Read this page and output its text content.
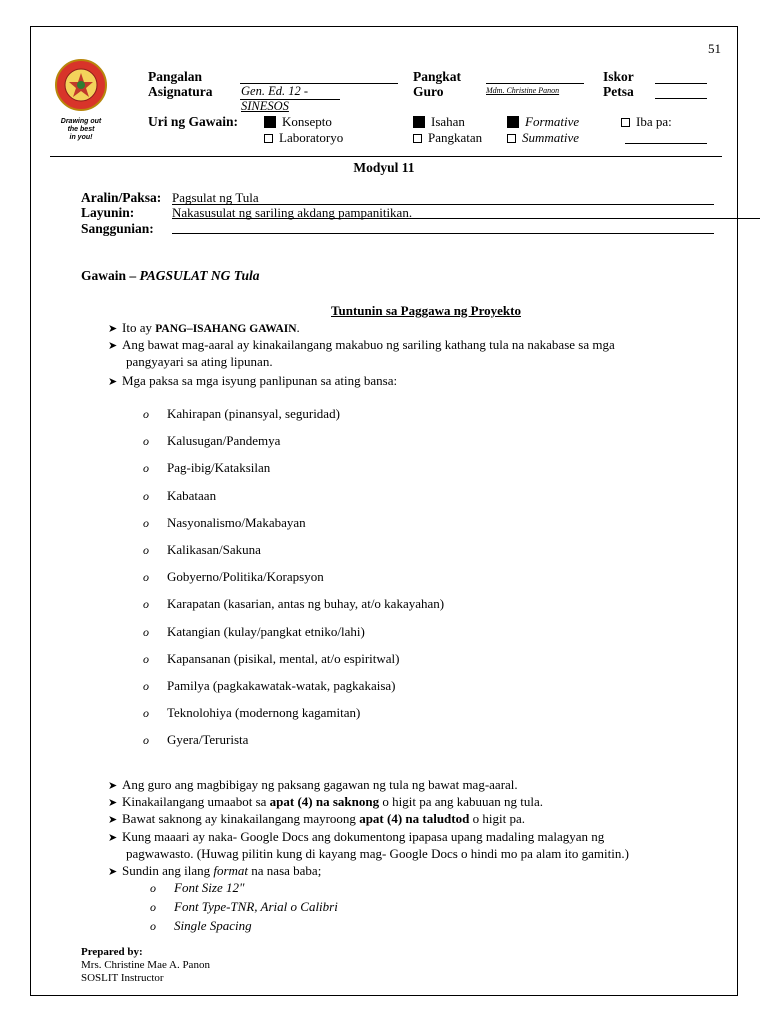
51
Drawing out
the best
in you!
Pangalan
Asignatura Gen. Ed. 12 -
SINESOS
Pangkat
Guro	Mdm. Christine Panon
Iskor
Petsa
Uri ng Gawain:	Konsepto
Laboratoryo
Isahan
Pangkatan
Formative
Summative
Iba pa:
Modyul 11
Aralin/Paksa: Pagsulat ng Tula
Layunin:	Nakasusulat ng sariling akdang pampanitikan.
Sanggunian:
Gawain – PAGSULAT NG Tula
Tuntunin sa Paggawa ng Proyekto
➤ Ito ay PANG–ISAHANG GAWAIN.
➤ Ang bawat mag-aaral ay kinakailangang makabuo ng sariling kathang tula na nakabase sa mga
pangyayari sa ating lipunan.
➤ Mga paksa sa mga isyung panlipunan sa ating bansa:
o Kahirapan (pinansyal, seguridad)
o Kalusugan/Pandemya
o Pag-ibig/Kataksilan
o Kabataan
o Nasyonalismo/Makabayan
o Kalikasan/Sakuna
o Gobyerno/Politika/Korapsyon
o Karapatan (kasarian, antas ng buhay, at/o kakayahan)
o Katangian (kulay/pangkat etniko/lahi)
o Kapansanan (pisikal, mental, at/o espiritwal)
o Pamilya (pagkakawatak-watak, pagkakaisa)
o Teknolohiya (modernong kagamitan)
o Gyera/Terurista
➤ Ang guro ang magbibigay ng paksang gagawan ng tula ng bawat mag-aaral.
➤ Kinakailangang umaabot sa apat (4) na saknong o higit pa ang kabuuan ng tula.
➤ Bawat saknong ay kinakailangang mayroong apat (4) na taludtod o higit pa.
➤ Kung maaari ay naka- Google Docs ang dokumentong ipapasa upang madaling malagyan ng
pagwawasto. (Huwag pilitin kung di kayang mag- Google Docs o hindi mo pa alam ito gamitin.)
➤ Sundin ang ilang format na nasa baba;
o Font Size 12"
o Font Type-TNR, Arial o Calibri
o Single Spacing
Prepared by:
Mrs. Christine Mae A. Panon
SOSLIT Instructor
